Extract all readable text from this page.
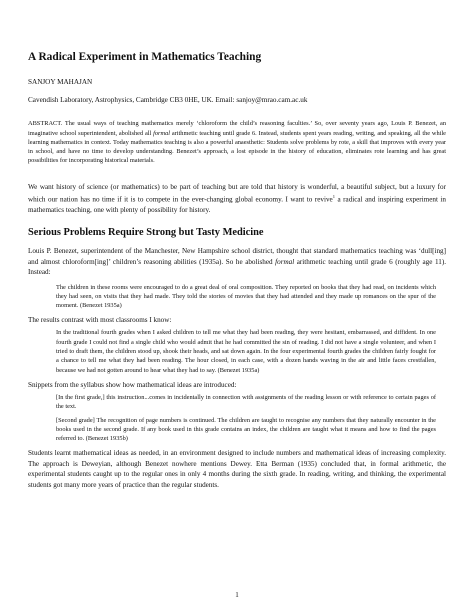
A Radical Experiment in Mathematics Teaching
SANJOY MAHAJAN
Cavendish Laboratory, Astrophysics, Cambridge CB3 0HE, UK. Email: sanjoy@mrao.cam.ac.uk

ABSTRACT. The usual ways of teaching mathematics merely ‘chloroform the child’s reasoning faculties.’ So, over seventy years ago, Louis P. Benezet, an imaginative school superintendent, abolished all formal arithmetic teaching until grade 6. Instead, students spent years reading, writing, and speaking, all the while learning mathematics in context. Today mathematics teaching is also a powerful anaesthetic: Students solve problems by rote, a skill that improves with every year in school, and have no time to develop understanding. Benezet’s approach, a lost episode in the history of education, eliminates rote learning and has great possibilities for incorporating historical materials.

We want history of science (or mathematics) to be part of teaching but are told that history is wonderful, a beautiful subject, but a luxury for which our nation has no time if it is to compete in the ever-changing global economy. I want to revive$^1$ a radical and inspiring experiment in mathematics teaching, one with plenty of possibility for history.

Serious Problems Require Strong but Tasty Medicine

Louis P. Benezet, superintendent of the Manchester, New Hampshire school district, thought that standard mathematics teaching was ‘dull[ing] and almost chloroform[ing]’ children’s reasoning abilities (1935a). So he abolished formal arithmetic teaching until grade 6 (roughly age 11). Instead:

The children in these rooms were encouraged to do a great deal of oral composition. They reported on books that they had read, on incidents which they had seen, on visits that they had made. They told the stories of movies that they had attended and they made up romances on the spur of the moment. (Benezet 1935a)

The results contrast with most classrooms I know:

In the traditional fourth grades when I asked children to tell me what they had been reading, they were hesitant, embarrassed, and diffident. In one fourth grade I could not find a single child who would admit that he had committed the sin of reading. I did not have a single volunteer, and when I tried to draft them, the children stood up, shook their heads, and sat down again. In the four experimental fourth grades the children fairly fought for a chance to tell me what they had been reading. The hour closed, in each case, with a dozen hands waving in the air and little faces crestfallen, because we had not gotten around to hear what they had to say. (Benezet 1935a)

Snippets from the syllabus show how mathematical ideas are introduced:

[In the first grade,] this instruction...comes in incidentally in connection with assignments of the reading lesson or with reference to certain pages of the text.

[Second grade] The recognition of page numbers is continued. The children are taught to recognise any numbers that they naturally encounter in the books used in the second grade. If any book used in this grade contains an index, the children are taught what it means and how to find the pages referred to. (Benezet 1935b)

Students learnt mathematical ideas as needed, in an environment designed to include numbers and mathematical ideas of increasing complexity. The approach is Deweyian, although Benezet nowhere mentions Dewey. Etta Berman (1935) concluded that, in formal arithmetic, the experimental students caught up to the regular ones in only 4 months during the sixth grade. In reading, writing, and thinking, the experimental students got many more years of practice than the regular students.

1
